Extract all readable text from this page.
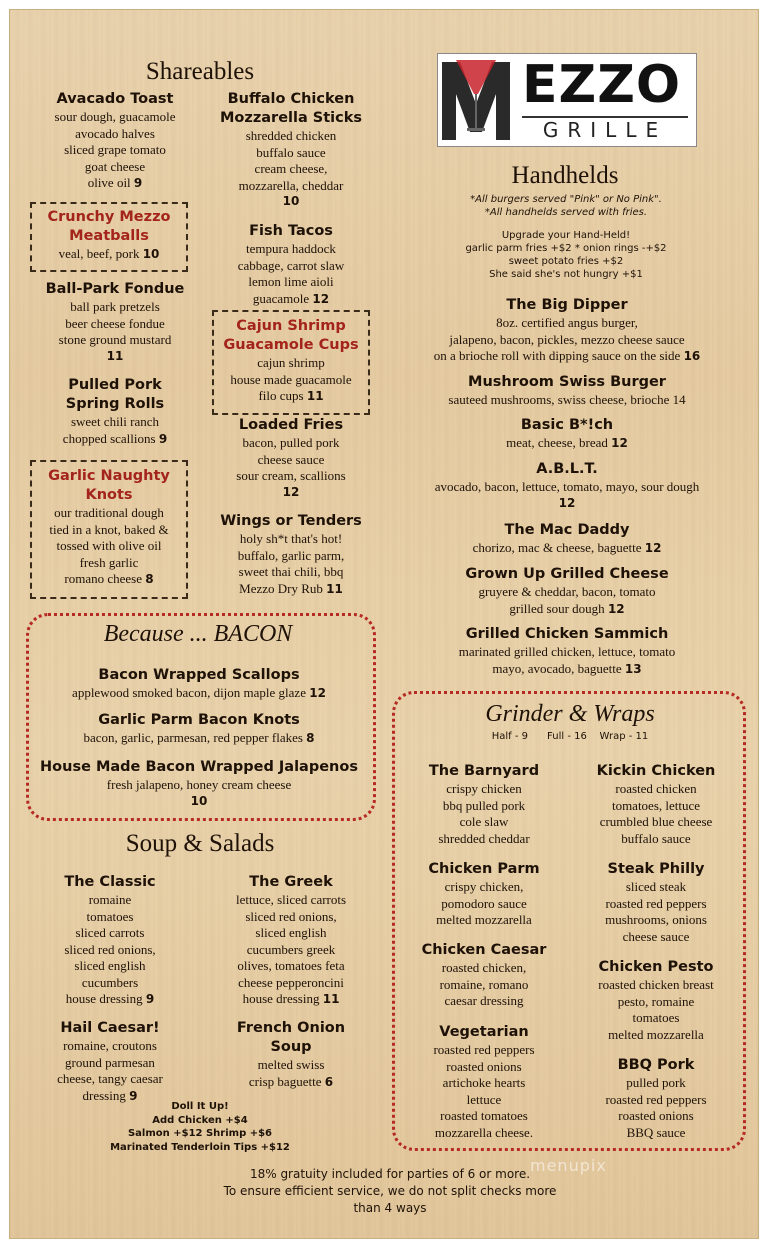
Shareables
Avacado Toast
sour dough, guacamole
avocado halves
sliced grape tomato
goat cheese
olive oil 9
Crunchy Mezzo
Meatballs
veal, beef, pork 10
Ball-Park Fondue
ball park pretzels
beer cheese fondue
stone ground mustard
11
Pulled Pork
Spring Rolls
sweet chili ranch
chopped scallions 9
Garlic Naughty
Knots
our traditional dough
tied in a knot, baked &
tossed with olive oil
fresh garlic
romano cheese 8
Buffalo Chicken
Mozzarella Sticks
shredded chicken
buffalo sauce
cream cheese,
mozzarella, cheddar
10
Fish Tacos
tempura haddock
cabbage, carrot slaw
lemon lime aioli
guacamole 12
Cajun Shrimp
Guacamole Cups
cajun shrimp
house made guacamole
filo cups 11
Loaded Fries
bacon, pulled pork
cheese sauce
sour cream, scallions
12
Wings or Tenders
holy sh*t that's hot!
buffalo, garlic parm,
sweet thai chili, bbq
Mezzo Dry Rub 11
EZZO
M	GRILLE
Handhelds
*All burgers served "Pink" or No Pink".
*All handhelds served with fries.
Upgrade your Hand-Held!
garlic parm fries +$2 * onion rings -+$2
sweet potato fries +$2
She said she's not hungry +$1
The Big Dipper
8oz. certified angus burger,
jalapeno, bacon, pickles, mezzo cheese sauce
on a brioche roll with dipping sauce on the side 16
Mushroom Swiss Burger
sauteed mushrooms, swiss cheese, brioche 14
Basic B*!ch
meat, cheese, bread 12
A.B.L.T.
avocado, bacon, lettuce, tomato, mayo, sour dough
12
The Mac Daddy
chorizo, mac & cheese, baguette 12
Grown Up Grilled Cheese
gruyere & cheddar, bacon, tomato
grilled sour dough 12
Grilled Chicken Sammich
marinated grilled chicken, lettuce, tomato
mayo, avocado, baguette 13
Because ... BACON
Bacon Wrapped Scallops
applewood smoked bacon, dijon maple glaze 12
Garlic Parm Bacon Knots
bacon, garlic, parmesan, red pepper flakes 8
House Made Bacon Wrapped Jalapenos
fresh jalapeno, honey cream cheese
10
Soup & Salads
The Classic
romaine
tomatoes
sliced carrots
sliced red onions,
sliced english
cucumbers
house dressing 9
The Greek
lettuce, sliced carrots
sliced red onions,
sliced english
cucumbers greek
olives, tomatoes feta
cheese pepperoncini
house dressing 11
Hail Caesar!
romaine, croutons
ground parmesan
cheese, tangy caesar
dressing 9
French Onion
Soup
melted swiss
crisp baguette 6
Doll It Up!
Add Chicken +$4
Salmon +$12 Shrimp +$6
Marinated Tenderloin Tips +$12
Grinder & Wraps
Half - 9      Full - 16    Wrap - 11
The Barnyard
crispy chicken
bbq pulled pork
cole slaw
shredded cheddar
Kickin Chicken
roasted chicken
tomatoes, lettuce
crumbled blue cheese
buffalo sauce
Chicken Parm
crispy chicken,
pomodoro sauce
melted mozzarella
Steak Philly
sliced steak
roasted red peppers
mushrooms, onions
cheese sauce
Chicken Caesar
roasted chicken,
romaine, romano
caesar dressing
Chicken Pesto
roasted chicken breast
pesto, romaine
tomatoes
melted mozzarella
Vegetarian
roasted red peppers
roasted onions
artichoke hearts
lettuce
roasted tomatoes
mozzarella cheese.
BBQ Pork
pulled pork
roasted red peppers
roasted onions
BBQ sauce
18% gratuity included for parties of 6 or more.
To ensure efficient service, we do not split checks more
than 4 ways
menupix
